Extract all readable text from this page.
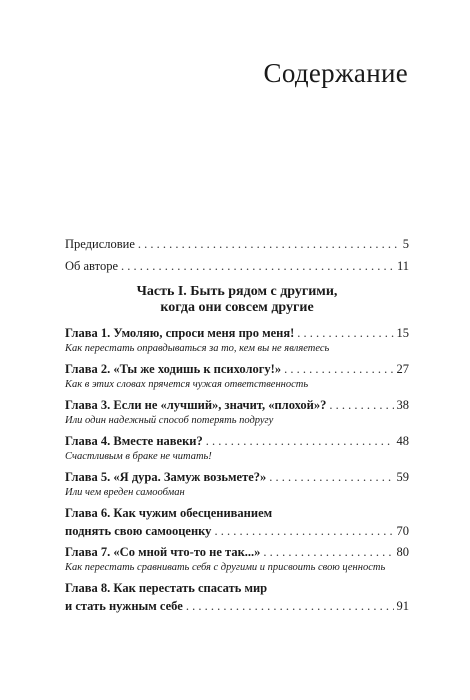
Содержание
Предисловие . . .	5
Об авторе . . .	11
Часть I. Быть рядом с другими,
когда они совсем другие
Глава 1. Умоляю, спроси меня про меня! . . .	15
Как перестать оправдываться за то, кем вы не являетесь
Глава 2. «Ты же ходишь к психологу!» . . .	27
Как в этих словах прячется чужая ответственность
Глава 3. Если не «лучший», значит, «плохой»? . . .	38
Или один надежный способ потерять подругу
Глава 4. Вместе навеки? . . .	48
Счастливым в браке не читать!
Глава 5. «Я дура. Замуж возьмете?» . . .	59
Или чем вреден самообман
Глава 6. Как чужим обесцениванием
поднять свою самооценку . . .	70
Глава 7. «Со мной что-то не так...» . . .	80
Как перестать сравнивать себя с другими и присвоить свою ценность
Глава 8. Как перестать спасать мир
и стать нужным себе . . .	91
